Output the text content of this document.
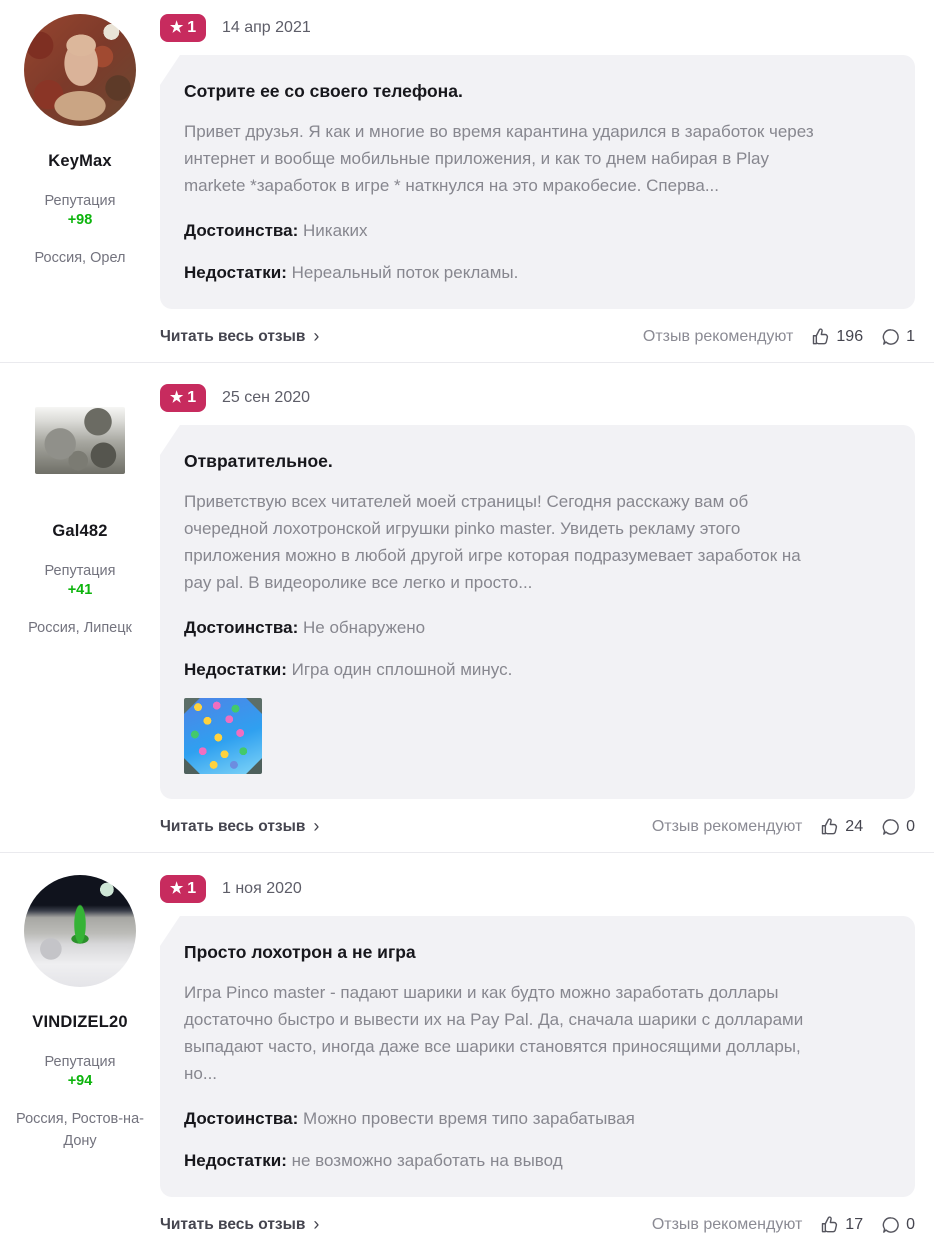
KeyMax
Репутация
+98
Россия, Орел
★ 1 14 апр 2021
Сотрите ее со своего телефона.
Привет друзья. Я как и многие во время карантина ударился в заработок через
интернет и вообще мобильные приложения, и как то днем набирая в Play
markete *заработок в игре * наткнулся на это мракобесие. Сперва...
Достоинства: Никаких
Недостатки: Нереальный поток рекламы.
Читать весь отзыв ›	Отзыв рекомендуют	196	1
Gal482
Репутация
+41
Россия, Липецк
★ 1 25 сен 2020
Отвратительное.
Приветствую всех читателей моей страницы! Сегодня расскажу вам об
очередной лохотронской игрушки pinko master. Увидеть рекламу этого
приложения можно в любой другой игре которая подразумевает заработок на
pay pal. В видеоролике все легко и просто...
Достоинства: Не обнаружено
Недостатки: Игра один сплошной минус.
Читать весь отзыв ›	Отзыв рекомендуют	24	0
VINDIZEL20
Репутация
+94
Россия, Ростов-на-Дону
★ 1 1 ноя 2020
Просто лохотрон а не игра
Игра Pinco master - падают шарики и как будто можно заработать доллары
достаточно быстро и вывести их на Pay Pal. Да, сначала шарики с долларами
выпадают часто, иногда даже все шарики становятся приносящими доллары,
но...
Достоинства: Можно провести время типо зарабатывая
Недостатки: не возможно заработать на вывод
Читать весь отзыв ›	Отзыв рекомендуют	17	0
